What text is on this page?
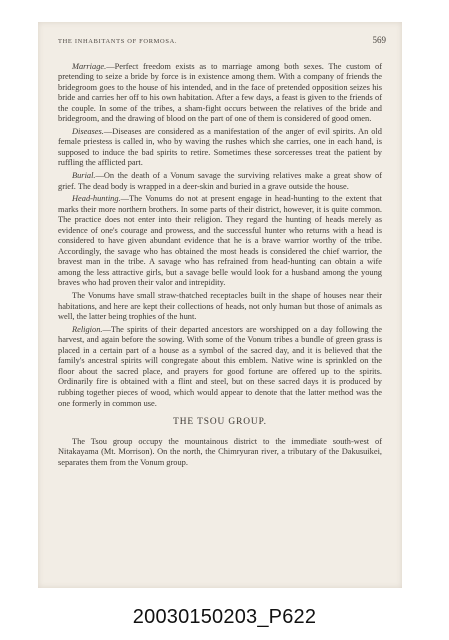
THE INHABITANTS OF FORMOSA.	569

Marriage.—Perfect freedom exists as to marriage among both sexes. The custom of pretending to seize a bride by force is in existence among them. With a company of friends the bridegroom goes to the house of his intended, and in the face of pretended opposition seizes his bride and carries her off to his own habitation. After a few days, a feast is given to the friends of the couple. In some of the tribes, a sham-fight occurs between the relatives of the bride and bridegroom, and the drawing of blood on the part of one of them is considered of good omen.

Diseases.—Diseases are considered as a manifestation of the anger of evil spirits. An old female priestess is called in, who by waving the rushes which she carries, one in each hand, is supposed to induce the bad spirits to retire. Sometimes these sorceresses treat the patient by ruffling the afflicted part.

Burial.—On the death of a Vonum savage the surviving relatives make a great show of grief. The dead body is wrapped in a deer-skin and buried in a grave outside the house.

Head-hunting.—The Vonums do not at present engage in head-hunting to the extent that marks their more northern brothers. In some parts of their district, however, it is quite common. The practice does not enter into their religion. They regard the hunting of heads merely as evidence of one's courage and prowess, and the successful hunter who returns with a head is considered to have given abundant evidence that he is a brave warrior worthy of the tribe. Accordingly, the savage who has obtained the most heads is considered the chief warrior, the bravest man in the tribe. A savage who has refrained from head-hunting can obtain a wife among the less attractive girls, but a savage belle would look for a husband among the young braves who had proven their valor and intrepidity.

The Vonums have small straw-thatched receptacles built in the shape of houses near their habitations, and here are kept their collections of heads, not only human but those of animals as well, the latter being trophies of the hunt.

Religion.—The spirits of their departed ancestors are worshipped on a day following the harvest, and again before the sowing. With some of the Vonum tribes a bundle of green grass is placed in a certain part of a house as a symbol of the sacred day, and it is believed that the family's ancestral spirits will congregate about this emblem. Native wine is sprinkled on the floor about the sacred place, and prayers for good fortune are offered up to the spirits. Ordinarily fire is obtained with a flint and steel, but on these sacred days it is produced by rubbing together pieces of wood, which would appear to denote that the latter method was the one formerly in common use.

THE TSOU GROUP.

The Tsou group occupy the mountainous district to the immediate south-west of Nitakayama (Mt. Morrison). On the north, the Chimryuran river, a tributary of the Dakusuikei, separates them from the Vonum group.

20030150203_P622
